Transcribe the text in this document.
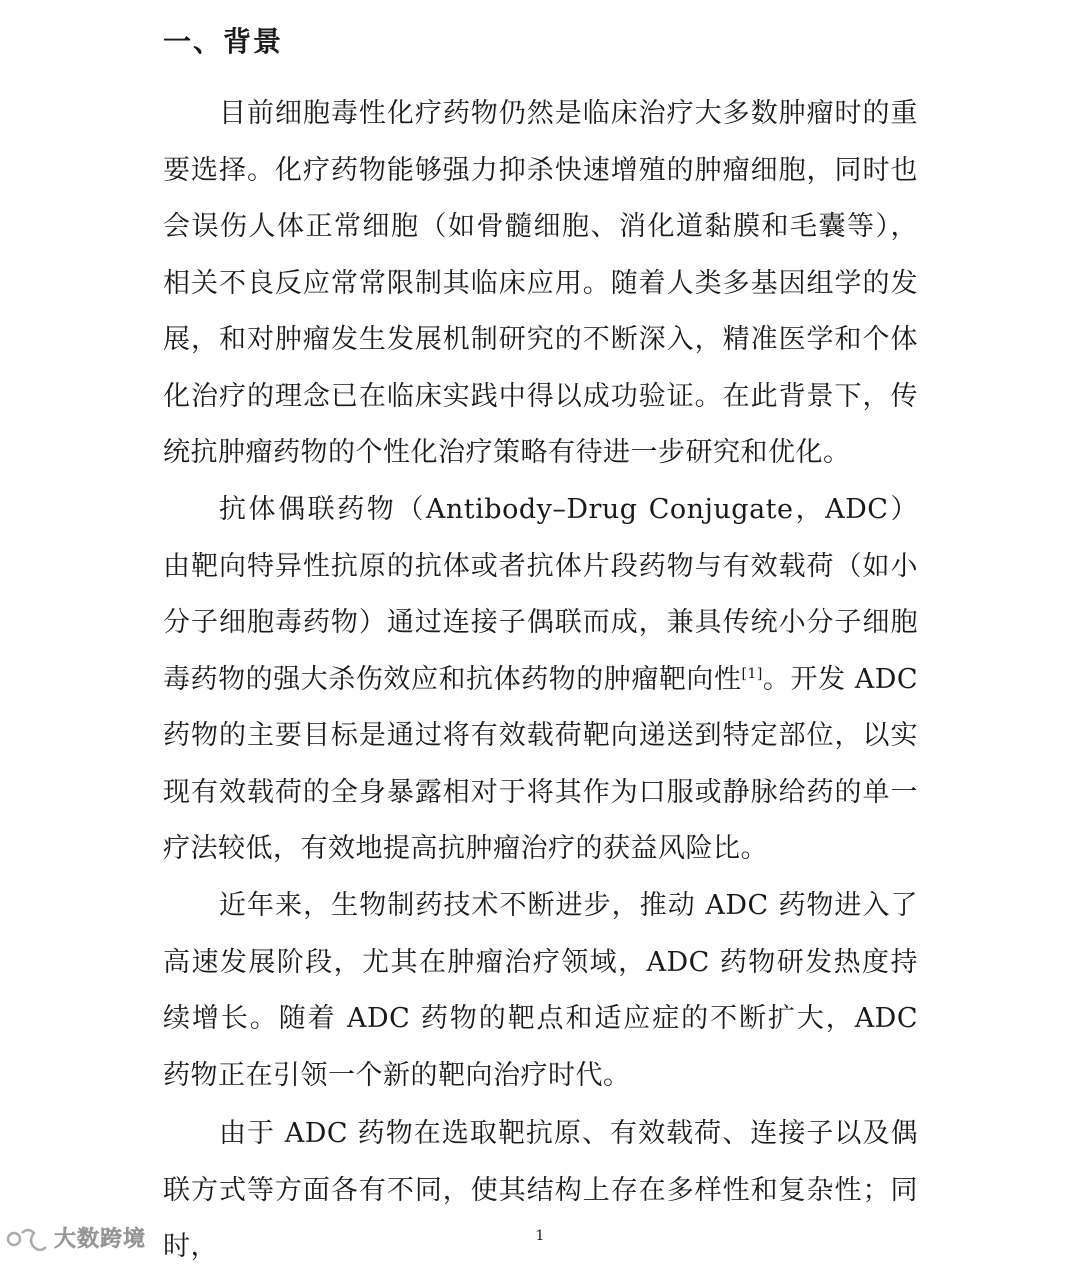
一、背景

目前细胞毒性化疗药物仍然是临床治疗大多数肿瘤时的重要选择。化疗药物能够强力抑杀快速增殖的肿瘤细胞，同时也会误伤人体正常细胞（如骨髓细胞、消化道黏膜和毛囊等），相关不良反应常常限制其临床应用。随着人类多基因组学的发展，和对肿瘤发生发展机制研究的不断深入，精准医学和个体化治疗的理念已在临床实践中得以成功验证。在此背景下，传统抗肿瘤药物的个性化治疗策略有待进一步研究和优化。

抗体偶联药物（Antibody–Drug Conjugate，ADC）由靶向特异性抗原的抗体或者抗体片段药物与有效载荷（如小分子细胞毒药物）通过连接子偶联而成，兼具传统小分子细胞毒药物的强大杀伤效应和抗体药物的肿瘤靶向性[1]。开发 ADC 药物的主要目标是通过将有效载荷靶向递送到特定部位，以实现有效载荷的全身暴露相对于将其作为口服或静脉给药的单一疗法较低，有效地提高抗肿瘤治疗的获益风险比。

近年来，生物制药技术不断进步，推动 ADC 药物进入了高速发展阶段，尤其在肿瘤治疗领域，ADC 药物研发热度持续增长。随着 ADC 药物的靶点和适应症的不断扩大，ADC 药物正在引领一个新的靶向治疗时代。

由于 ADC 药物在选取靶抗原、有效载荷、连接子以及偶联方式等方面各有不同，使其结构上存在多样性和复杂性；同时，	1
大数跨境
